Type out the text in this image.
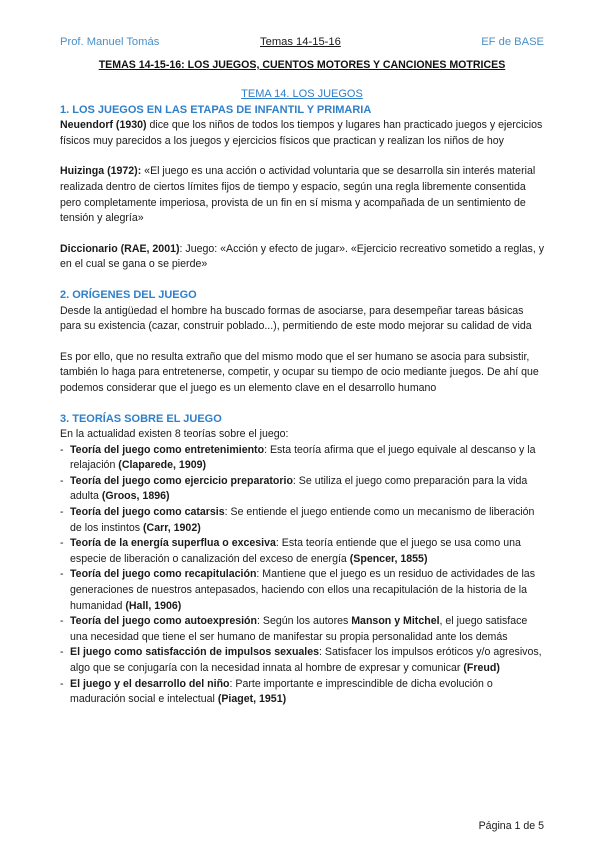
Prof. Manuel Tomás	Temas 14-15-16	EF de BASE
TEMAS 14-15-16: LOS JUEGOS, CUENTOS MOTORES Y CANCIONES MOTRICES

TEMA 14. LOS JUEGOS

1. LOS JUEGOS EN LAS ETAPAS DE INFANTIL Y PRIMARIA

Neuendorf (1930) dice que los niños de todos los tiempos y lugares han practicado juegos y ejercicios físicos muy parecidos a los juegos y ejercicios físicos que practican y realizan los niños de hoy

Huizinga (1972): «El juego es una acción o actividad voluntaria que se desarrolla sin interés material realizada dentro de ciertos límites fijos de tiempo y espacio, según una regla libremente consentida pero completamente imperiosa, provista de un fin en sí misma y acompañada de un sentimiento de tensión y alegría»

Diccionario (RAE, 2001): Juego: «Acción y efecto de jugar». «Ejercicio recreativo sometido a reglas, y en el cual se gana o se pierde»

2. ORÍGENES DEL JUEGO

Desde la antigüedad el hombre ha buscado formas de asociarse, para desempeñar tareas básicas para su existencia (cazar, construir poblado...), permitiendo de este modo mejorar su calidad de vida

Es por ello, que no resulta extraño que del mismo modo que el ser humano se asocia para subsistir, también lo haga para entretenerse, competir, y ocupar su tiempo de ocio mediante juegos. De ahí que podemos considerar que el juego es un elemento clave en el desarrollo humano

3. TEORÍAS SOBRE EL JUEGO

En la actualidad existen 8 teorías sobre el juego:

- Teoría del juego como entretenimiento: Esta teoría afirma que el juego equivale al descanso y la relajación (Claparede, 1909)
- Teoría del juego como ejercicio preparatorio: Se utiliza el juego como preparación para la vida adulta (Groos, 1896)
- Teoría del juego como catarsis: Se entiende el juego entiende como un mecanismo de liberación de los instintos (Carr, 1902)
- Teoría de la energía superflua o excesiva: Esta teoría entiende que el juego se usa como una especie de liberación o canalización del exceso de energía (Spencer, 1855)
- Teoría del juego como recapitulación: Mantiene que el juego es un residuo de actividades de las generaciones de nuestros antepasados, haciendo con ellos una recapitulación de la historia de la humanidad (Hall, 1906)
- Teoría del juego como autoexpresión: Según los autores Manson y Mitchel, el juego satisface una necesidad que tiene el ser humano de manifestar su propia personalidad ante los demás
- El juego como satisfacción de impulsos sexuales: Satisfacer los impulsos eróticos y/o agresivos, algo que se conjugaría con la necesidad innata al hombre de expresar y comunicar (Freud)
- El juego y el desarrollo del niño: Parte importante e imprescindible de dicha evolución o maduración social e intelectual (Piaget, 1951)
Página 1 de 5
